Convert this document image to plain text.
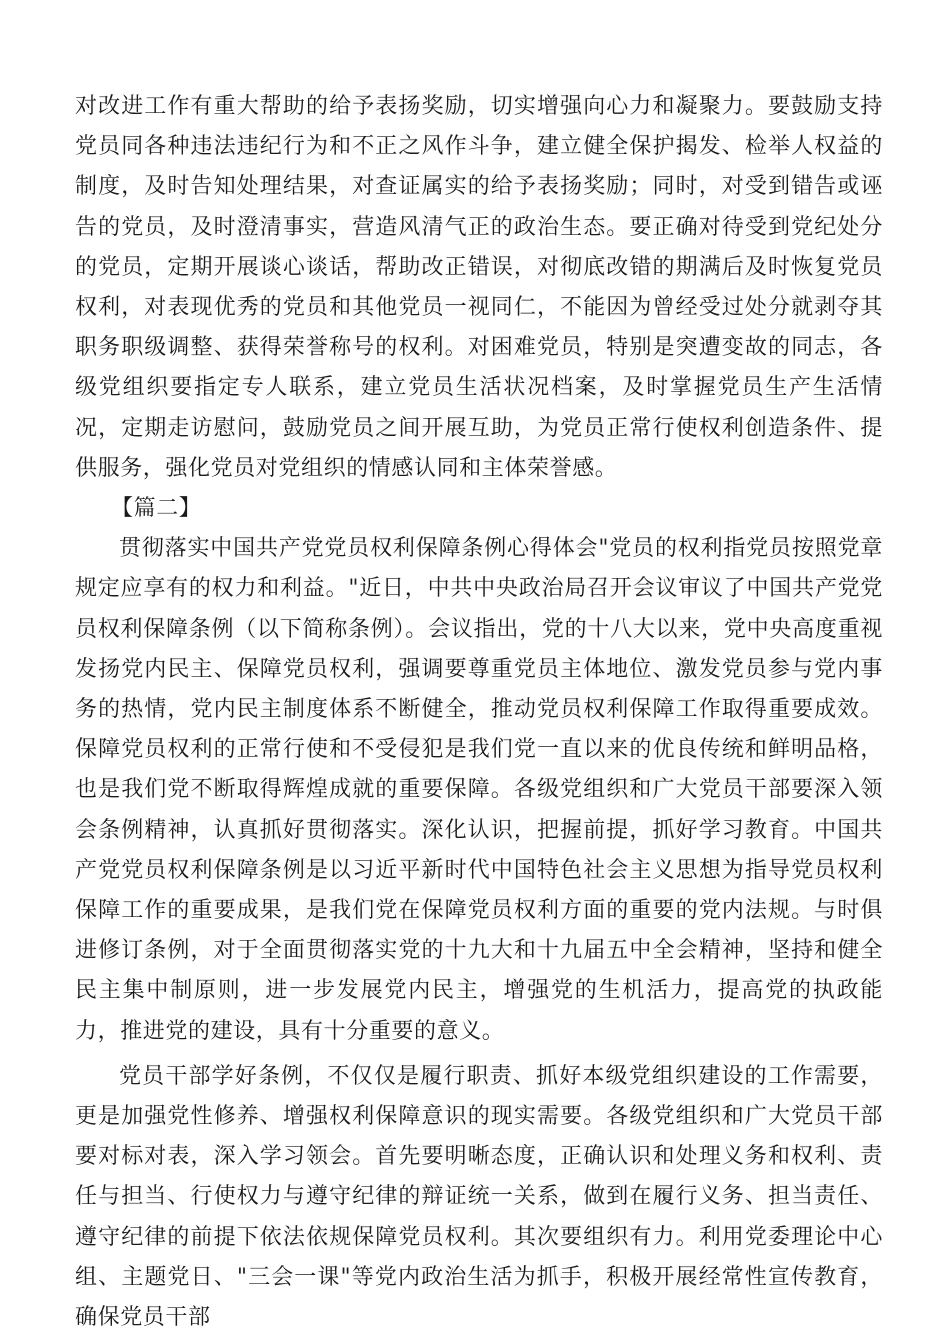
对改进工作有重大帮助的给予表扬奖励，切实增强向心力和凝聚力。要鼓励支持党员同各种违法违纪行为和不正之风作斗争，建立健全保护揭发、检举人权益的制度，及时告知处理结果，对查证属实的给予表扬奖励；同时，对受到错告或诬告的党员，及时澄清事实，营造风清气正的政治生态。要正确对待受到党纪处分的党员，定期开展谈心谈话，帮助改正错误，对彻底改错的期满后及时恢复党员权利，对表现优秀的党员和其他党员一视同仁，不能因为曾经受过处分就剥夺其职务职级调整、获得荣誉称号的权利。对困难党员，特别是突遭变故的同志，各级党组织要指定专人联系，建立党员生活状况档案，及时掌握党员生产生活情况，定期走访慰问，鼓励党员之间开展互助，为党员正常行使权利创造条件、提供服务，强化党员对党组织的情感认同和主体荣誉感。

【篇二】

贯彻落实中国共产党党员权利保障条例心得体会"党员的权利指党员按照党章规定应享有的权力和利益。"近日，中共中央政治局召开会议审议了中国共产党党员权利保障条例（以下简称条例）。会议指出，党的十八大以来，党中央高度重视发扬党内民主、保障党员权利，强调要尊重党员主体地位、激发党员参与党内事务的热情，党内民主制度体系不断健全，推动党员权利保障工作取得重要成效。保障党员权利的正常行使和不受侵犯是我们党一直以来的优良传统和鲜明品格，也是我们党不断取得辉煌成就的重要保障。各级党组织和广大党员干部要深入领会条例精神，认真抓好贯彻落实。深化认识，把握前提，抓好学习教育。中国共产党党员权利保障条例是以习近平新时代中国特色社会主义思想为指导党员权利保障工作的重要成果，是我们党在保障党员权利方面的重要的党内法规。与时俱进修订条例，对于全面贯彻落实党的十九大和十九届五中全会精神，坚持和健全民主集中制原则，进一步发展党内民主，增强党的生机活力，提高党的执政能力，推进党的建设，具有十分重要的意义。

党员干部学好条例，不仅仅是履行职责、抓好本级党组织建设的工作需要，更是加强党性修养、增强权利保障意识的现实需要。各级党组织和广大党员干部要对标对表，深入学习领会。首先要明晰态度，正确认识和处理义务和权利、责任与担当、行使权力与遵守纪律的辩证统一关系，做到在履行义务、担当责任、遵守纪律的前提下依法依规保障党员权利。其次要组织有力。利用党委理论中心组、主题党日、"三会一课"等党内政治生活为抓手，积极开展经常性宣传教育，确保党员干部
